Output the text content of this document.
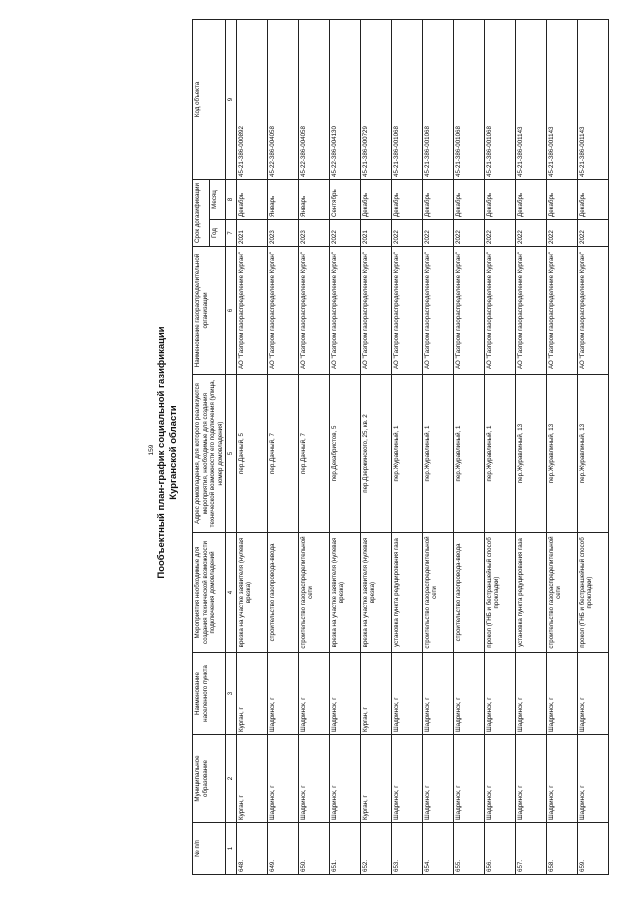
159 Пообъектный план-график социальной газификации Курганской области
№ п/п	Муниципальное образование	Наименование населенного пункта	Мероприятия необходимые для создания технической возможности подключения домовладений	Адрес домовладения, для которого реализуются мероприятия, необходимые для создания технической возможности его подключения (улица, номер домовладения)	Наименование газораспределительной организации	Срок догазификации		Код объекта
						Год	Месяц	
1	2	3	4	5	6	7	8	9
648.	Курган, г	Курган, г	врезка на участке заявителя (нулевая врезка)	пер.Дачный, 5	АО "Газпром газораспределение Курган"	2021	Декабрь	45-21-386-000892
649.	Шадринск, г	Шадринск, г	строительство газопровода-ввода	пер.Дачный, 7	АО "Газпром газораспределение Курган"	2023	Январь	45-22-386-004058
650.	Шадринск, г	Шадринск, г	строительство газораспределительной сети	пер.Дачный, 7	АО "Газпром газораспределение Курган"	2023	Январь	45-22-386-004058
651.	Шадринск, г	Шадринск, г	врезка на участке заявителя (нулевая врезка)	пер.Декабристов, 5	АО "Газпром газораспределение Курган"	2022	Сентябрь	45-22-386-004130
652.	Курган, г	Курган, г	врезка на участке заявителя (нулевая врезка)	пер.Дзержинского, 25, кв. 2	АО "Газпром газораспределение Курган"	2021	Декабрь	45-21-386-000729
653.	Шадринск, г	Шадринск, г	установка пункта редуцирования газа	пер.Журавлиный, 1	АО "Газпром газораспределение Курган"	2022	Декабрь	45-21-386-001068
654.	Шадринск, г	Шадринск, г	строительство газораспределительной сети	пер.Журавлиный, 1	АО "Газпром газораспределение Курган"	2022	Декабрь	45-21-386-001068
655.	Шадринск, г	Шадринск, г	строительство газопровода-ввода	пер.Журавлиный, 1	АО "Газпром газораспределение Курган"	2022	Декабрь	45-21-386-001068
656.	Шадринск, г	Шадринск, г	прокол (ГНБ и бестраншейный способ прокладки)	пер.Журавлиный, 1	АО "Газпром газораспределение Курган"	2022	Декабрь	45-21-386-001068
657.	Шадринск, г	Шадринск, г	установка пункта редуцирования газа	пер.Журавлиный, 13	АО "Газпром газораспределение Курган"	2022	Декабрь	45-21-386-001143
658.	Шадринск, г	Шадринск, г	строительство газораспределительной сети	пер.Журавлиный, 13	АО "Газпром газораспределение Курган"	2022	Декабрь	45-21-386-001143
659.	Шадринск, г	Шадринск, г	прокол (ГНБ и бестраншейный способ прокладки)	пер.Журавлиный, 13	АО "Газпром газораспределение Курган"	2022	Декабрь	45-21-386-001143
